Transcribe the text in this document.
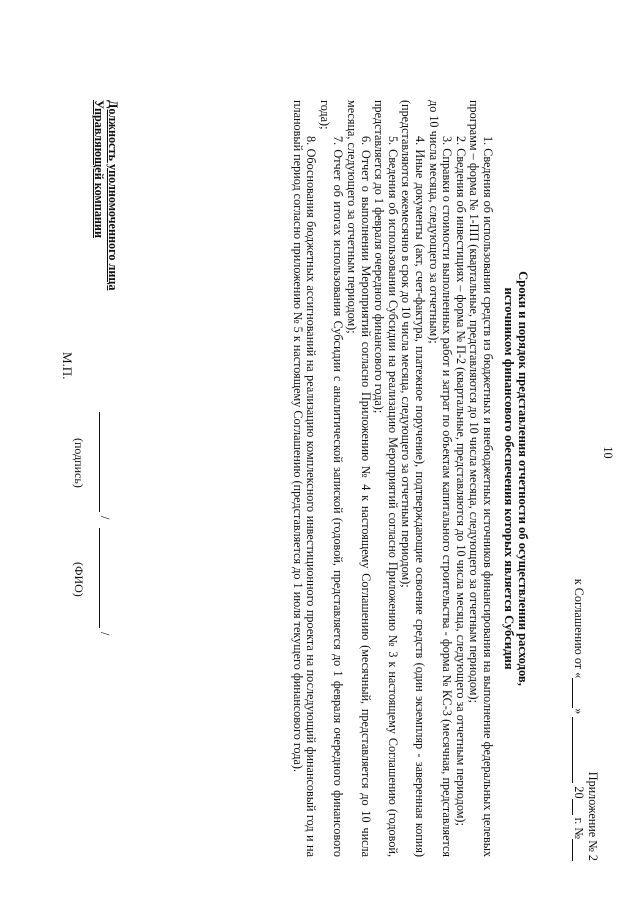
10
Приложение № 2
к Соглашению от «»  20 г. №
Сроки и порядок представления отчетности об осуществлении расходов,
источником финансового обеспечения которых является Субсидия

1. Сведения об использовании средств из бюджетных и внебюджетных источников финансирования на выполнение федеральных целевых программ – форма № 1-ПП (квартальные, представляются до 10 числа месяца, следующего за отчетным периодом);

2. Сведения об инвестициях – форма № П-2 (квартальные, представляются до 10 числа месяца, следующего за отчетным периодом);

3. Справки о стоимости выполненных работ и затрат по объектам капитального строительства - форма № КС-3 (месячная, представляется до 10 числа месяца, следующего за отчетным);

4. Иные документы (акт, счет-фактура, платежное поручение), подтверждающие освоение средств (один экземпляр - заверенная копия) (представляются ежемесячно в срок до 10 числа месяца, следующего за отчетным периодом);

5. Сведения об использовании Субсидии на реализацию Мероприятий согласно Приложению № 3 к настоящему Соглашению (годовой, представляется до 1 февраля очередного финансового года);

6. Отчет о выполнении Мероприятий согласно Приложению № 4 к настоящему Соглашению (месячный, представляется до 10 числа месяца, следующего за отчетным периодом);

7. Отчет об итогах использования Субсидии с аналитической запиской (годовой, представляется до 1 февраля очередного финансового года);

8. Обоснования бюджетных ассигнований на реализацию комплексного инвестиционного проекта на последующий финансовый год и на плановый период согласно приложению № 5 к настоящему Соглашению (представляется до 1 июля текущего финансового года).

Должность уполномоченного лица
Управляющей компании
/
/
(подпись)
(ФИО)
М.П.
